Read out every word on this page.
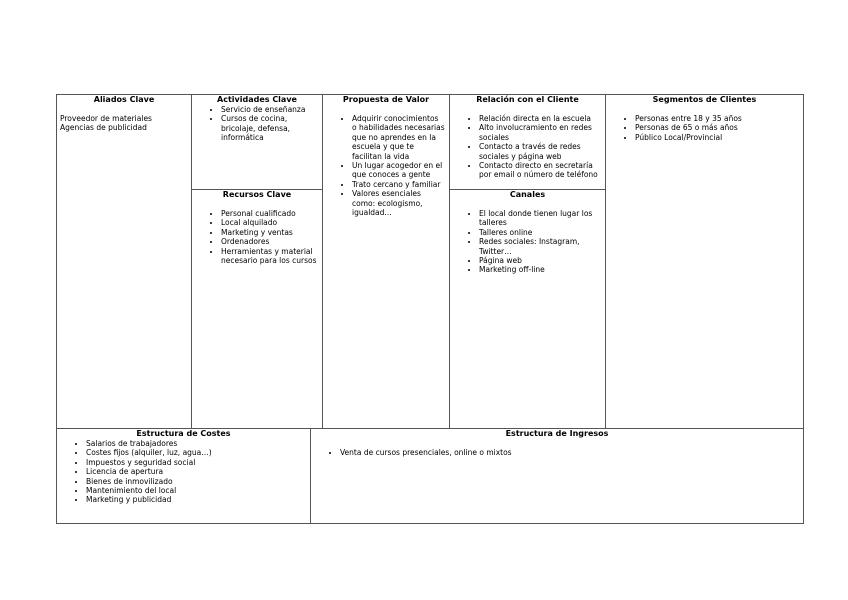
Aliados Clave

Proveedor de materiales

Agencias de publicidad

Actividades Clave

• Servicio de enseñanza
• Cursos de cocina, bricolaje, defensa, informática

Recursos Clave

• Personal cualificado
• Local alquilado
• Marketing y ventas
• Ordenadores
• Herramientas y material necesario para los cursos

Propuesta de Valor

• Adquirir conocimientos o habilidades necesarias que no aprendes en la escuela y que te facilitan la vida
• Un lugar acogedor en el que conoces a gente
• Trato cercano y familiar
• Valores esenciales como: ecologismo, igualdad…

Relación con el Cliente

• Relación directa en la escuela
• Alto involucramiento en redes sociales
• Contacto a través de redes sociales y página web
• Contacto directo en secretaría por email o número de teléfono

Canales

• El local donde tienen lugar los talleres
• Talleres online
• Redes sociales: Instagram, Twitter…
• Página web
• Marketing off-line

Segmentos de Clientes

• Personas entre 18 y 35 años
• Personas de 65 o más años
• Público Local/Provincial

Estructura de Costes

• Salarios de trabajadores
• Costes fijos (alquiler, luz, agua…)
• Impuestos y seguridad social
• Licencia de apertura
• Bienes de inmovilizado
• Mantenimiento del local
• Marketing y publicidad

Estructura de Ingresos

• Venta de cursos presenciales, online o mixtos
